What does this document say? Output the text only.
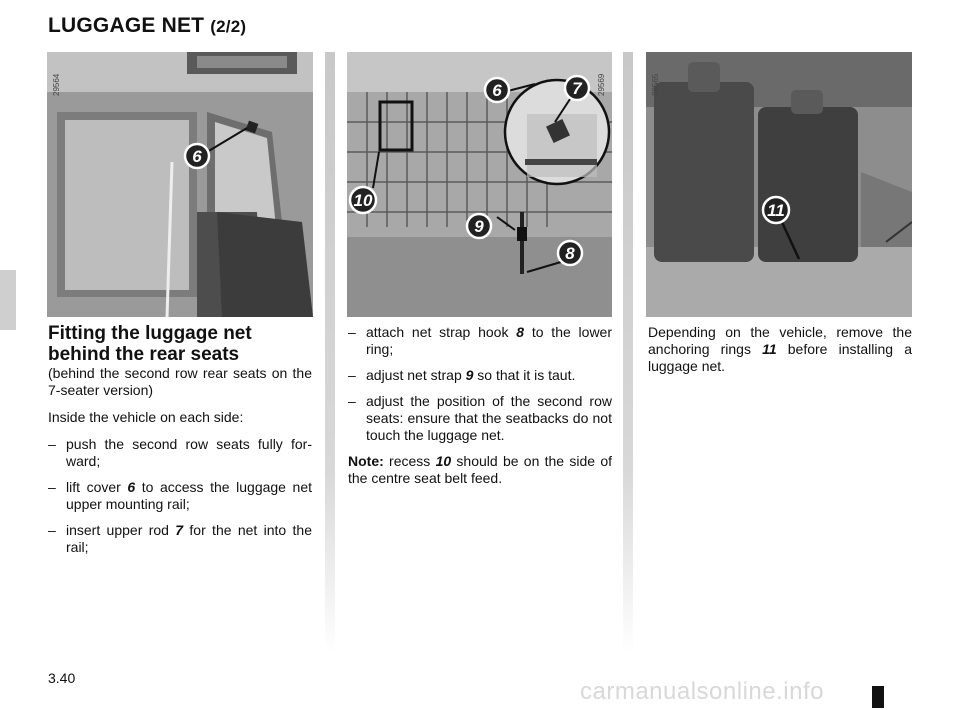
LUGGAGE NET (2/2)
6
29564	6	7
10
9
8
29569
11
29565
Fitting the luggage net behind the rear seats

(behind the second row rear seats on the 7-seater version)

Inside the vehicle on each side:

– push the second row seats fully for-ward;
– lift cover 6 to access the luggage net upper mounting rail;
– insert upper rod 7 for the net into the rail;
– attach net strap hook 8 to the lower ring;
– adjust net strap 9 so that it is taut.
– adjust the position of the second row seats: ensure that the seatbacks do not touch the luggage net.

Note: recess 10 should be on the side of the centre seat belt feed.

Depending on the vehicle, remove the anchoring rings 11 before installing a luggage net.

3.40	carmanualsonline.info
